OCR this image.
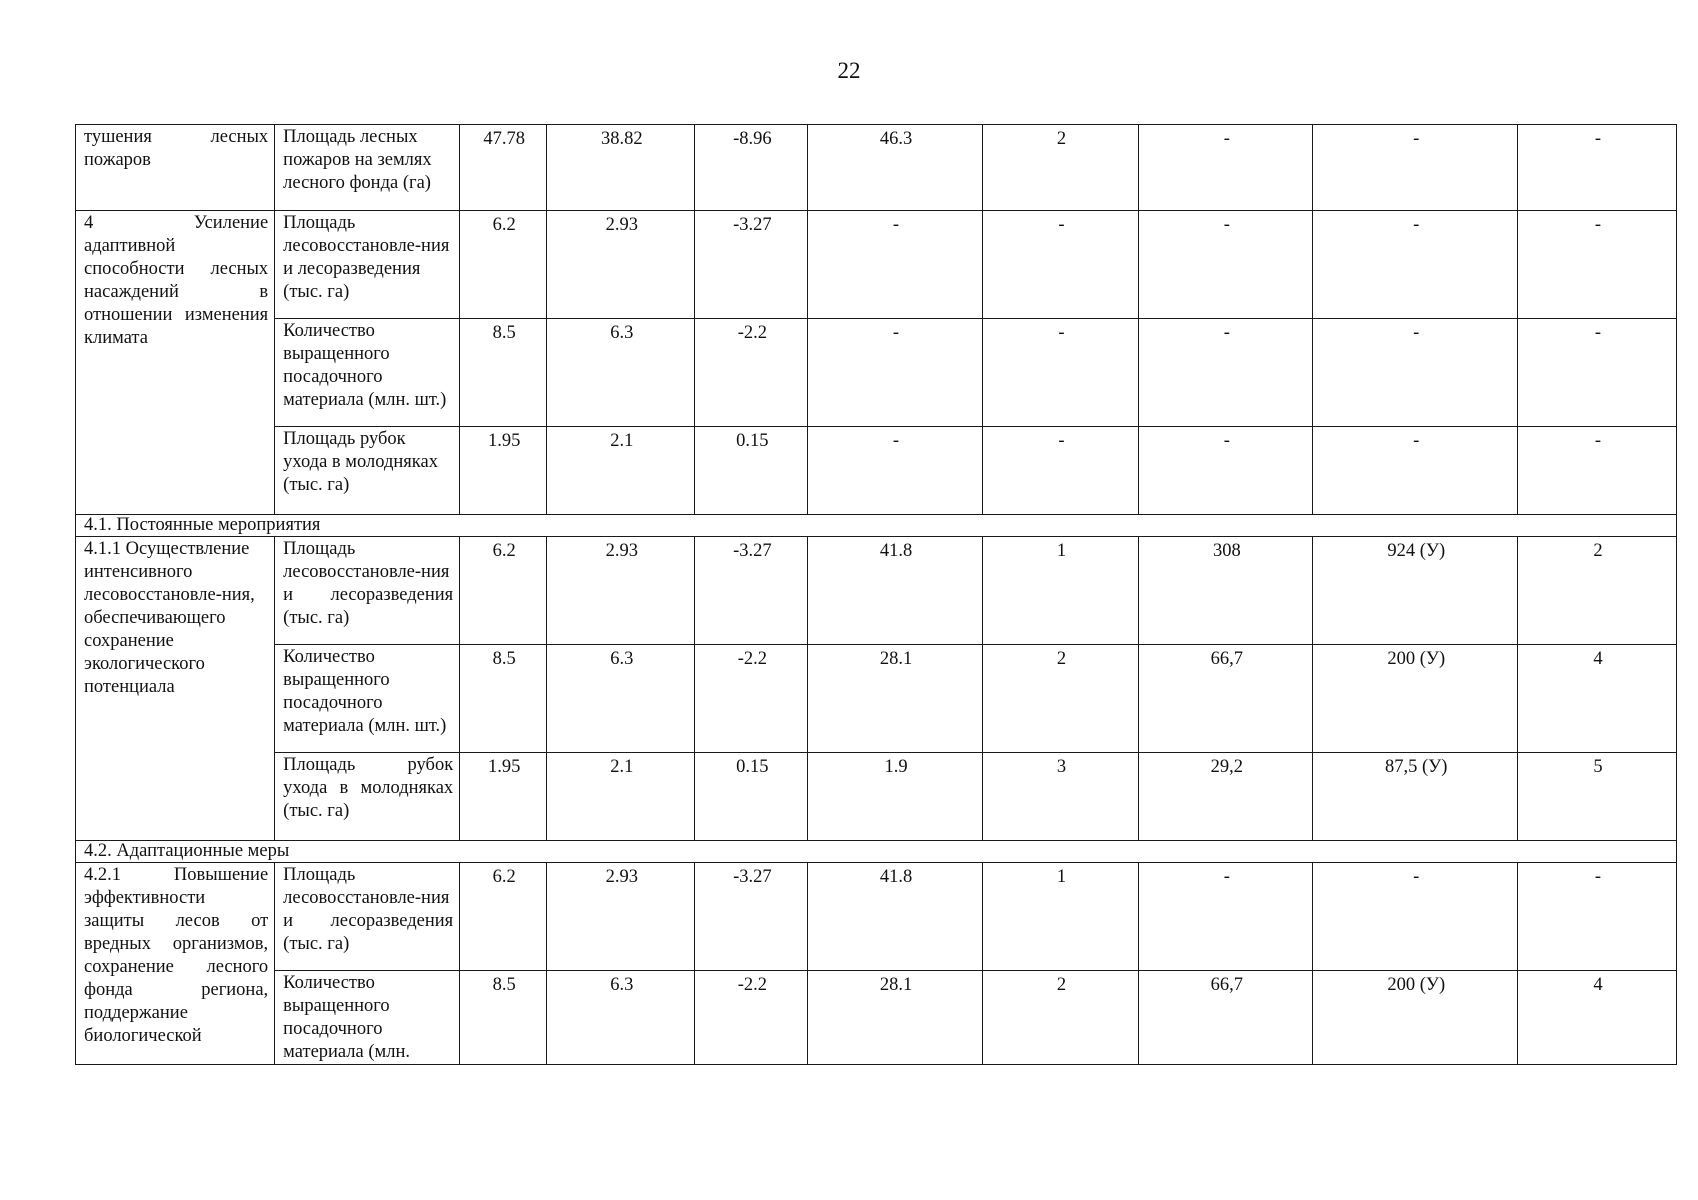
22
тушения лесных пожаров	Площадь лесных пожаров на землях лесного фонда (га)	47.78	38.82	-8.96	46.3	2	-	-	-
4 Усиление адаптивной способности лесных насаждений в отношении изменения климата	Площадь лесовосстановле-ния и лесоразведения (тыс. га)	6.2	2.93	-3.27	-	-	-	-	-
	Количество выращенного посадочного материала (млн. шт.)	8.5	6.3	-2.2	-	-	-	-	-
	Площадь рубок ухода в молодняках (тыс. га)	1.95	2.1	0.15	-	-	-	-	-
4.1. Постоянные мероприятия									
4.1.1 Осуществление интенсивного лесовосстановле-ния, обеспечивающего сохранение экологического потенциала	Площадь лесовосстановле-ния и лесоразведения (тыс. га)	6.2	2.93	-3.27	41.8	1	308	924 (У)	2
	Количество выращенного посадочного материала (млн. шт.)	8.5	6.3	-2.2	28.1	2	66,7	200 (У)	4
	Площадь рубок ухода в молодняках (тыс. га)	1.95	2.1	0.15	1.9	3	29,2	87,5 (У)	5
4.2. Адаптационные меры									
4.2.1 Повышение эффективности защиты лесов от вредных организмов, сохранение лесного фонда региона, поддержание биологической	Площадь лесовосстановле-ния и лесоразведения (тыс. га)	6.2	2.93	-3.27	41.8	1	-	-	-
	Количество выращенного посадочного материала (млн.	8.5	6.3	-2.2	28.1	2	66,7	200 (У)	4
